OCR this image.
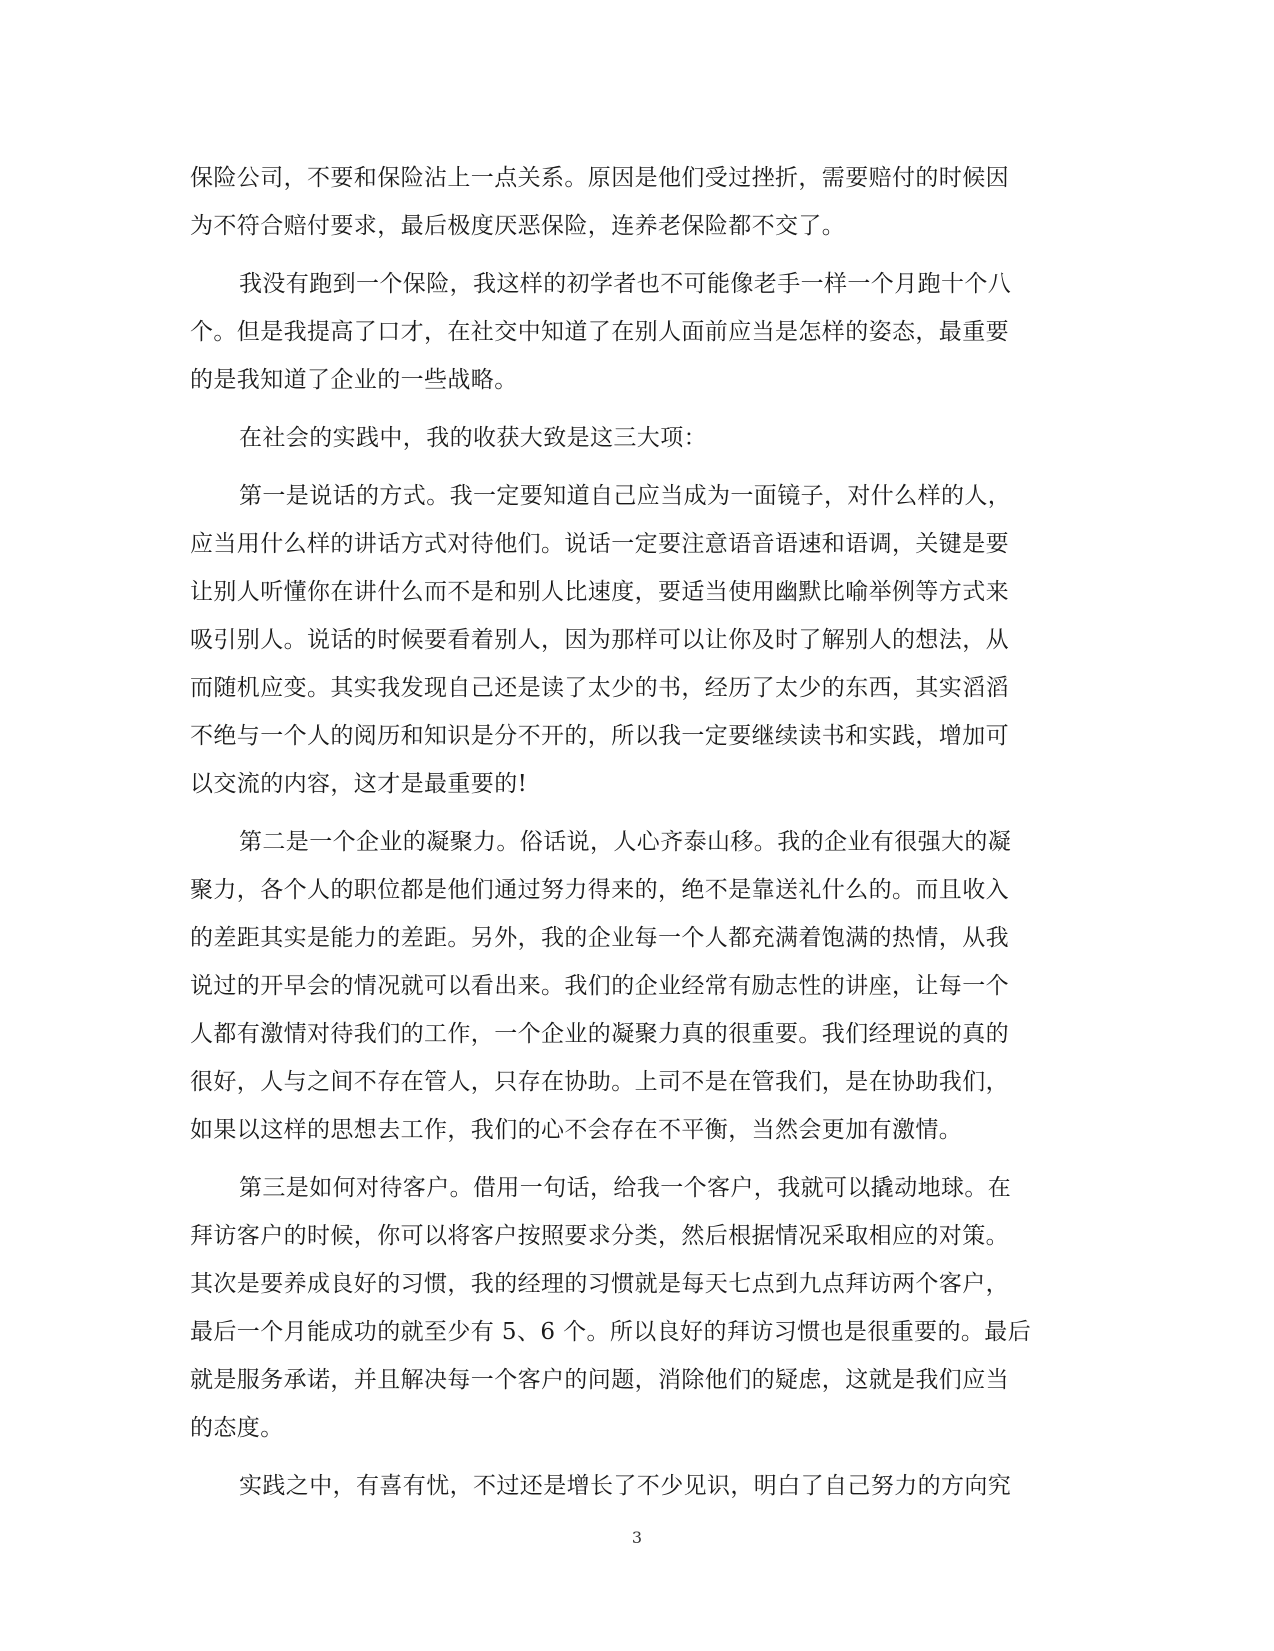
保险公司，不要和保险沾上一点关系。原因是他们受过挫折，需要赔付的时候因
为不符合赔付要求，最后极度厌恶保险，连养老保险都不交了。
我没有跑到一个保险，我这样的初学者也不可能像老手一样一个月跑十个八
个。但是我提高了口才，在社交中知道了在别人面前应当是怎样的姿态，最重要
的是我知道了企业的一些战略。
在社会的实践中，我的收获大致是这三大项：
第一是说话的方式。我一定要知道自己应当成为一面镜子，对什么样的人，
应当用什么样的讲话方式对待他们。说话一定要注意语音语速和语调，关键是要
让别人听懂你在讲什么而不是和别人比速度，要适当使用幽默比喻举例等方式来
吸引别人。说话的时候要看着别人，因为那样可以让你及时了解别人的想法，从
而随机应变。其实我发现自己还是读了太少的书，经历了太少的东西，其实滔滔
不绝与一个人的阅历和知识是分不开的，所以我一定要继续读书和实践，增加可
以交流的内容，这才是最重要的!
第二是一个企业的凝聚力。俗话说，人心齐泰山移。我的企业有很强大的凝
聚力，各个人的职位都是他们通过努力得来的，绝不是靠送礼什么的。而且收入
的差距其实是能力的差距。另外，我的企业每一个人都充满着饱满的热情，从我
说过的开早会的情况就可以看出来。我们的企业经常有励志性的讲座，让每一个
人都有激情对待我们的工作，一个企业的凝聚力真的很重要。我们经理说的真的
很好，人与之间不存在管人，只存在协助。上司不是在管我们，是在协助我们，
如果以这样的思想去工作，我们的心不会存在不平衡，当然会更加有激情。
第三是如何对待客户。借用一句话，给我一个客户，我就可以撬动地球。在
拜访客户的时候，你可以将客户按照要求分类，然后根据情况采取相应的对策。
其次是要养成良好的习惯，我的经理的习惯就是每天七点到九点拜访两个客户，
最后一个月能成功的就至少有 5、6 个。所以良好的拜访习惯也是很重要的。最后
就是服务承诺，并且解决每一个客户的问题，消除他们的疑虑，这就是我们应当
的态度。
实践之中，有喜有忧，不过还是增长了不少见识，明白了自己努力的方向究
3
